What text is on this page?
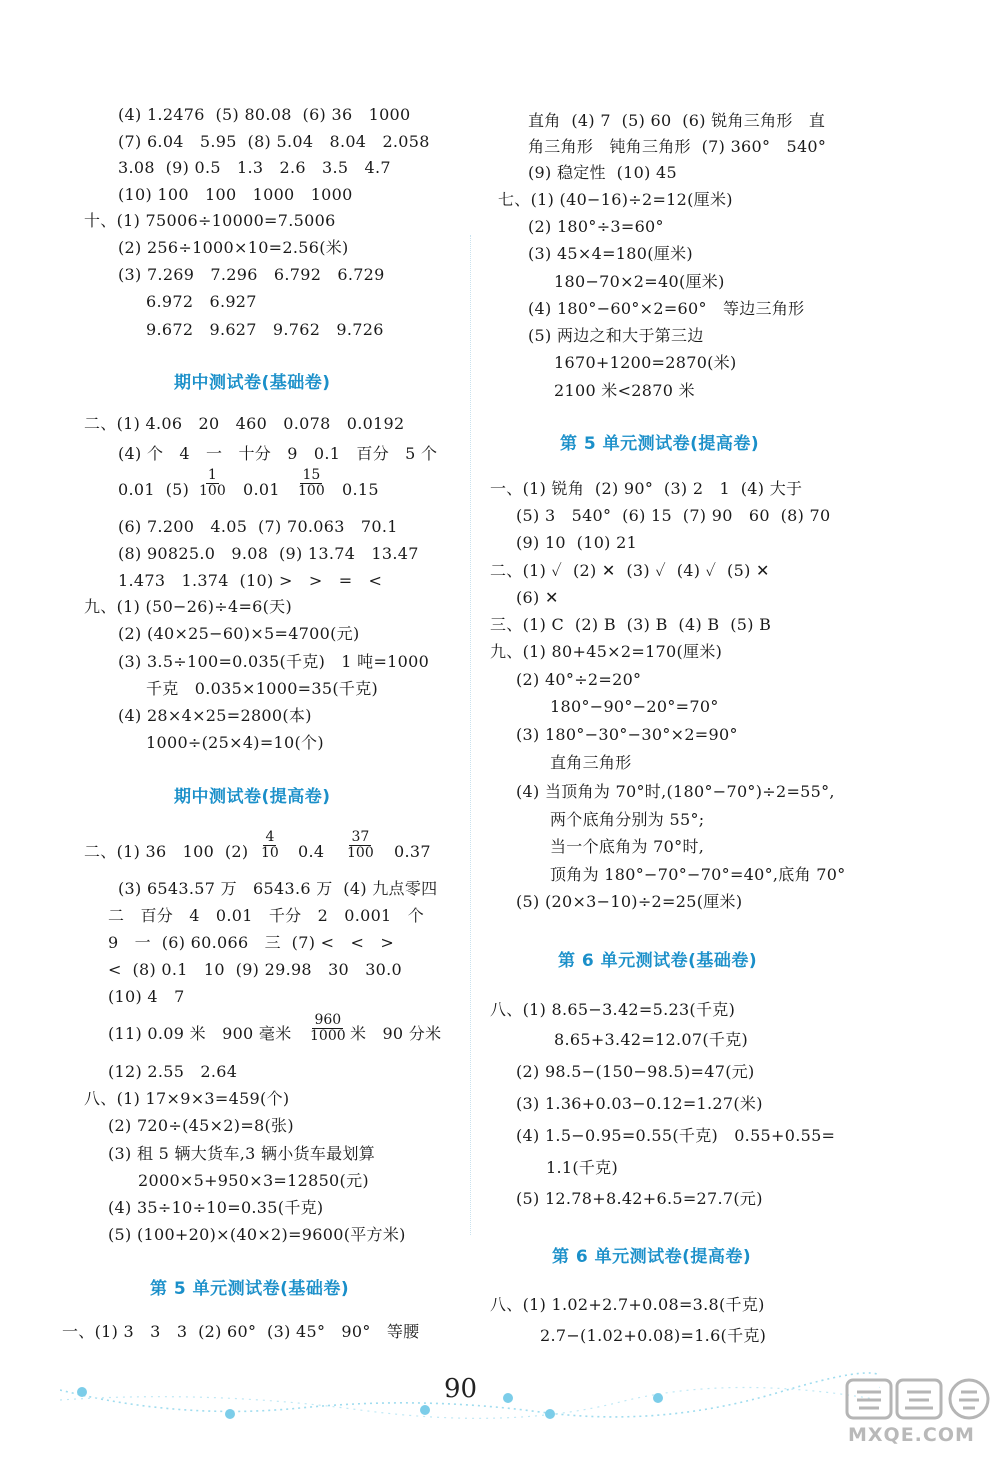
(4) 1.2476  (5) 80.08  (6) 36   1000
(7) 6.04   5.95  (8) 5.04   8.04   2.058
3.08  (9) 0.5   1.3   2.6   3.5   4.7
(10) 100   100   1000   1000
十、(1) 75006÷10000=7.5006
(2) 256÷1000×10=2.56(米)
(3) 7.269   7.296   6.792   6.729
6.972   6.927
9.672   9.627   9.762   9.726
期中测试卷(基础卷)
二、(1) 4.06   20   460   0.078   0.0192
(4) 个   4   一   十分   9   0.1   百分   5 个
0.01  $(5) \frac{1}{100} 0.01 \frac{15}{100} 0.15$
(6) 7.200   4.05  (7) 70.063   70.1
(8) 90825.0   9.08  (9) 13.74   13.47
1.473   1.374  (10) >   >   =   <
九、(1) (50−26)÷4=6(天)
(2) (40×25−60)×5=4700(元)
(3) 3.5÷100=0.035(千克)   1 吨=1000
千克   0.035×1000=35(千克)
(4) 28×4×25=2800(本)
1000÷(25×4)=10(个)
期中测试卷(提高卷)
二、(1) 36   100  $(2) \frac{4}{10} 0.4 \frac{37}{100} 0.37$
(3) 6543.57 万   6543.6 万  (4) 九点零四
二   百分   4   0.01   千分   2   0.001   个
9   一  (6) 60.066   三  (7) <   <   >
<  (8) 0.1   10  (9) 29.98   30   30.0
(10) 4   7
(11) 0.09 米   900 毫米 $\frac{960}{1000}$ 米   90 分米
(12) 2.55   2.64
八、(1) 17×9×3=459(个)
(2) 720÷(45×2)=8(张)
(3) 租 5 辆大货车,3 辆小货车最划算
2000×5+950×3=12850(元)
(4) 35÷10÷10=0.35(千克)
(5) (100+20)×(40×2)=9600(平方米)
第 5 单元测试卷(基础卷)
一、(1) 3   3   3  (2) 60°  (3) 45°   90°   等腰
直角  (4) 7  (5) 60  (6) 锐角三角形   直
角三角形   钝角三角形  (7) 360°   540°
(9) 稳定性  (10) 45
七、(1) (40−16)÷2=12(厘米)
(2) 180°÷3=60°
(3) 45×4=180(厘米)
180−70×2=40(厘米)
(4) 180°−60°×2=60°   等边三角形
(5) 两边之和大于第三边
1670+1200=2870(米)
2100 米<2870 米
第 5 单元测试卷(提高卷)
一、(1) 锐角  (2) 90°  (3) 2   1  (4) 大于
(5) 3   540°  (6) 15  (7) 90   60  (8) 70
(9) 10  (10) 21
二、(1) ✓  (2) ✕  (3) ✓  (4) ✓  (5) ✕
(6) ✕
三、(1) C  (2) B  (3) B  (4) B  (5) B
九、(1) 80+45×2=170(厘米)
(2) 40°÷2=20°
180°−90°−20°=70°
(3) 180°−30°−30°×2=90°
直角三角形
(4) 当顶角为 70°时,(180°−70°)÷2=55°,
两个底角分别为 55°;
当一个底角为 70°时,
顶角为 180°−70°−70°=40°,底角 70°
(5) (20×3−10)÷2=25(厘米)
第 6 单元测试卷(基础卷)
八、(1) 8.65−3.42=5.23(千克)
8.65+3.42=12.07(千克)
(2) 98.5−(150−98.5)=47(元)
(3) 1.36+0.03−0.12=1.27(米)
(4) 1.5−0.95=0.55(千克)   0.55+0.55=
1.1(千克)
(5) 12.78+8.42+6.5=27.7(元)
第 6 单元测试卷(提高卷)
八、(1) 1.02+2.7+0.08=3.8(千克)
2.7−(1.02+0.08)=1.6(千克)
90
MXQE.COM
